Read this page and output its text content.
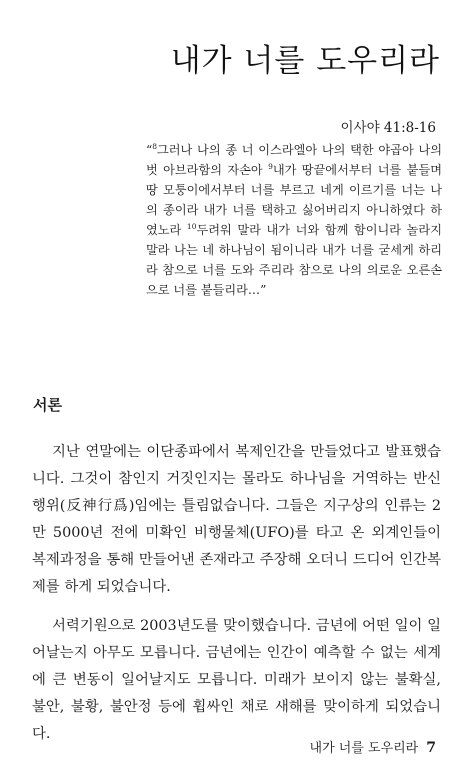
내가 너를 도우리라
이사야 41:8-16
“$^8$그러나 나의 종 너 이스라엘아 나의 택한 야곱아 나의 벗 아브라함의 자손아 $^9$내가 땅끝에서부터 너를 붙들며 땅 모퉁이에서부터 너를 부르고 네게 이르기를 너는 나의 종이라 내가 너를 택하고 싫어버리지 아니하였다 하였노라 $^{10}$두려워 말라 내가 너와 함께 함이니라 놀라지 말라 나는 네 하나님이 됨이니라 내가 너를 굳세게 하리라 참으로 너를 도와 주리라 참으로 나의 의로운 오른손으로 너를 붙들리라…”
서론

지난 연말에는 이단종파에서 복제인간을 만들었다고 발표했습니다. 그것이 참인지 거짓인지는 몰라도 하나님을 거역하는 반신행위(反神行爲)임에는 틀림없습니다. 그들은 지구상의 인류는 2만 5000년 전에 미확인 비행물체(UFO)를 타고 온 외계인들이 복제과정을 통해 만들어낸 존재라고 주장해 오더니 드디어 인간복제를 하게 되었습니다.

서력기원으로 2003년도를 맞이했습니다. 금년에 어떤 일이 일어날는지 아무도 모릅니다. 금년에는 인간이 예측할 수 없는 세계에 큰 변동이 일어날지도 모릅니다. 미래가 보이지 않는 불확실, 불안, 불황, 불안정 등에 휩싸인 채로 새해를 맞이하게 되었습니다.

내가 너를 도우리라 7
